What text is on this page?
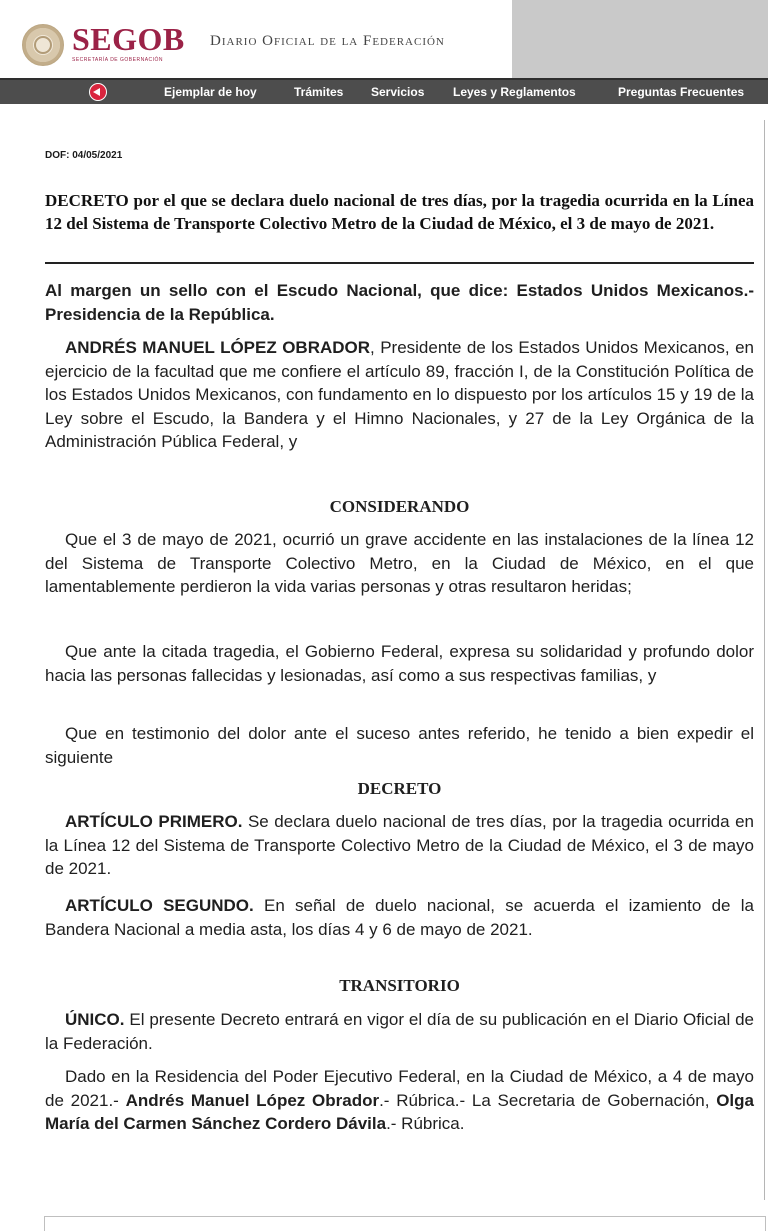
SEGOB
SECRETARÍA DE GOBERNACIÓN
Diario Oficial de la Federación
Ejemplar de hoy	Trámites Servicios Leyes y Reglamentos	Preguntas Frecuentes
DOF: 04/05/2021
DECRETO por el que se declara duelo nacional de tres días, por la tragedia ocurrida en la Línea 12 del Sistema de Transporte Colectivo Metro de la Ciudad de México, el 3 de mayo de 2021.
Al margen un sello con el Escudo Nacional, que dice: Estados Unidos Mexicanos.- Presidencia de la República.
ANDRÉS MANUEL LÓPEZ OBRADOR, Presidente de los Estados Unidos Mexicanos, en ejercicio de la facultad que me confiere el artículo 89, fracción I, de la Constitución Política de los Estados Unidos Mexicanos, con fundamento en lo dispuesto por los artículos 15 y 19 de la Ley sobre el Escudo, la Bandera y el Himno Nacionales, y 27 de la Ley Orgánica de la Administración Pública Federal, y
CONSIDERANDO
Que el 3 de mayo de 2021, ocurrió un grave accidente en las instalaciones de la línea 12 del Sistema de Transporte Colectivo Metro, en la Ciudad de México, en el que lamentablemente perdieron la vida varias personas y otras resultaron heridas;
Que ante la citada tragedia, el Gobierno Federal, expresa su solidaridad y profundo dolor hacia las personas fallecidas y lesionadas, así como a sus respectivas familias, y
Que en testimonio del dolor ante el suceso antes referido, he tenido a bien expedir el siguiente
DECRETO
ARTÍCULO PRIMERO. Se declara duelo nacional de tres días, por la tragedia ocurrida en la Línea 12 del Sistema de Transporte Colectivo Metro de la Ciudad de México, el 3 de mayo de 2021.
ARTÍCULO SEGUNDO. En señal de duelo nacional, se acuerda el izamiento de la Bandera Nacional a media asta, los días 4 y 6 de mayo de 2021.
TRANSITORIO
ÚNICO. El presente Decreto entrará en vigor el día de su publicación en el Diario Oficial de la Federación.
Dado en la Residencia del Poder Ejecutivo Federal, en la Ciudad de México, a 4 de mayo de 2021.- Andrés Manuel López Obrador.- Rúbrica.- La Secretaria de Gobernación, Olga María del Carmen Sánchez Cordero Dávila.- Rúbrica.
